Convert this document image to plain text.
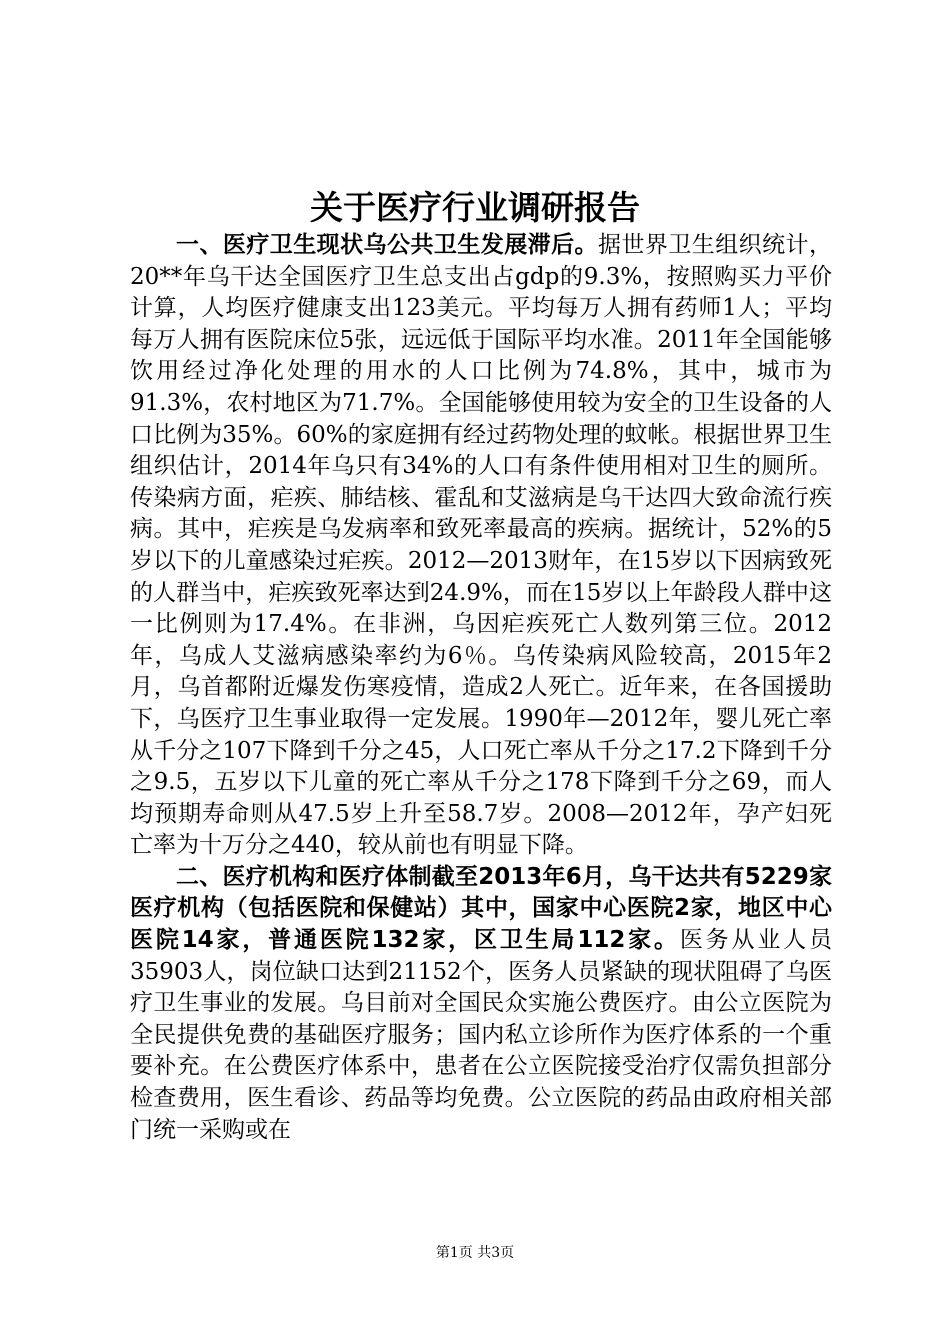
关于医疗行业调研报告

一、医疗卫生现状乌公共卫生发展滞后。据世界卫生组织统计，20**年乌干达全国医疗卫生总支出占gdp的9.3%，按照购买力平价计算，人均医疗健康支出123美元。平均每万人拥有药师1人；平均每万人拥有医院床位5张，远远低于国际平均水准。2011年全国能够饮用经过净化处理的用水的人口比例为74.8%，其中，城市为91.3%，农村地区为71.7%。全国能够使用较为安全的卫生设备的人口比例为35%。60%的家庭拥有经过药物处理的蚊帐。根据世界卫生组织估计，2014年乌只有34%的人口有条件使用相对卫生的厕所。传染病方面，疟疾、肺结核、霍乱和艾滋病是乌干达四大致命流行疾病。其中，疟疾是乌发病率和致死率最高的疾病。据统计，52%的5岁以下的儿童感染过疟疾。2012—2013财年，在15岁以下因病致死的人群当中，疟疾致死率达到24.9%，而在15岁以上年龄段人群中这一比例则为17.4%。在非洲，乌因疟疾死亡人数列第三位。2012年，乌成人艾滋病感染率约为6％。乌传染病风险较高，2015年2月，乌首都附近爆发伤寒疫情，造成2人死亡。近年来，在各国援助下，乌医疗卫生事业取得一定发展。1990年—2012年，婴儿死亡率从千分之107下降到千分之45，人口死亡率从千分之17.2下降到千分之9.5，五岁以下儿童的死亡率从千分之178下降到千分之69，而人均预期寿命则从47.5岁上升至58.7岁。2008—2012年，孕产妇死亡率为十万分之440，较从前也有明显下降。

二、医疗机构和医疗体制截至2013年6月，乌干达共有5229家医疗机构（包括医院和保健站）其中，国家中心医院2家，地区中心医院14家，普通医院132家，区卫生局112家。医务从业人员35903人，岗位缺口达到21152个，医务人员紧缺的现状阻碍了乌医疗卫生事业的发展。乌目前对全国民众实施公费医疗。由公立医院为全民提供免费的基础医疗服务；国内私立诊所作为医疗体系的一个重要补充。在公费医疗体系中，患者在公立医院接受治疗仅需负担部分检查费用，医生看诊、药品等均免费。公立医院的药品由政府相关部门统一采购或在

第1页 共3页
